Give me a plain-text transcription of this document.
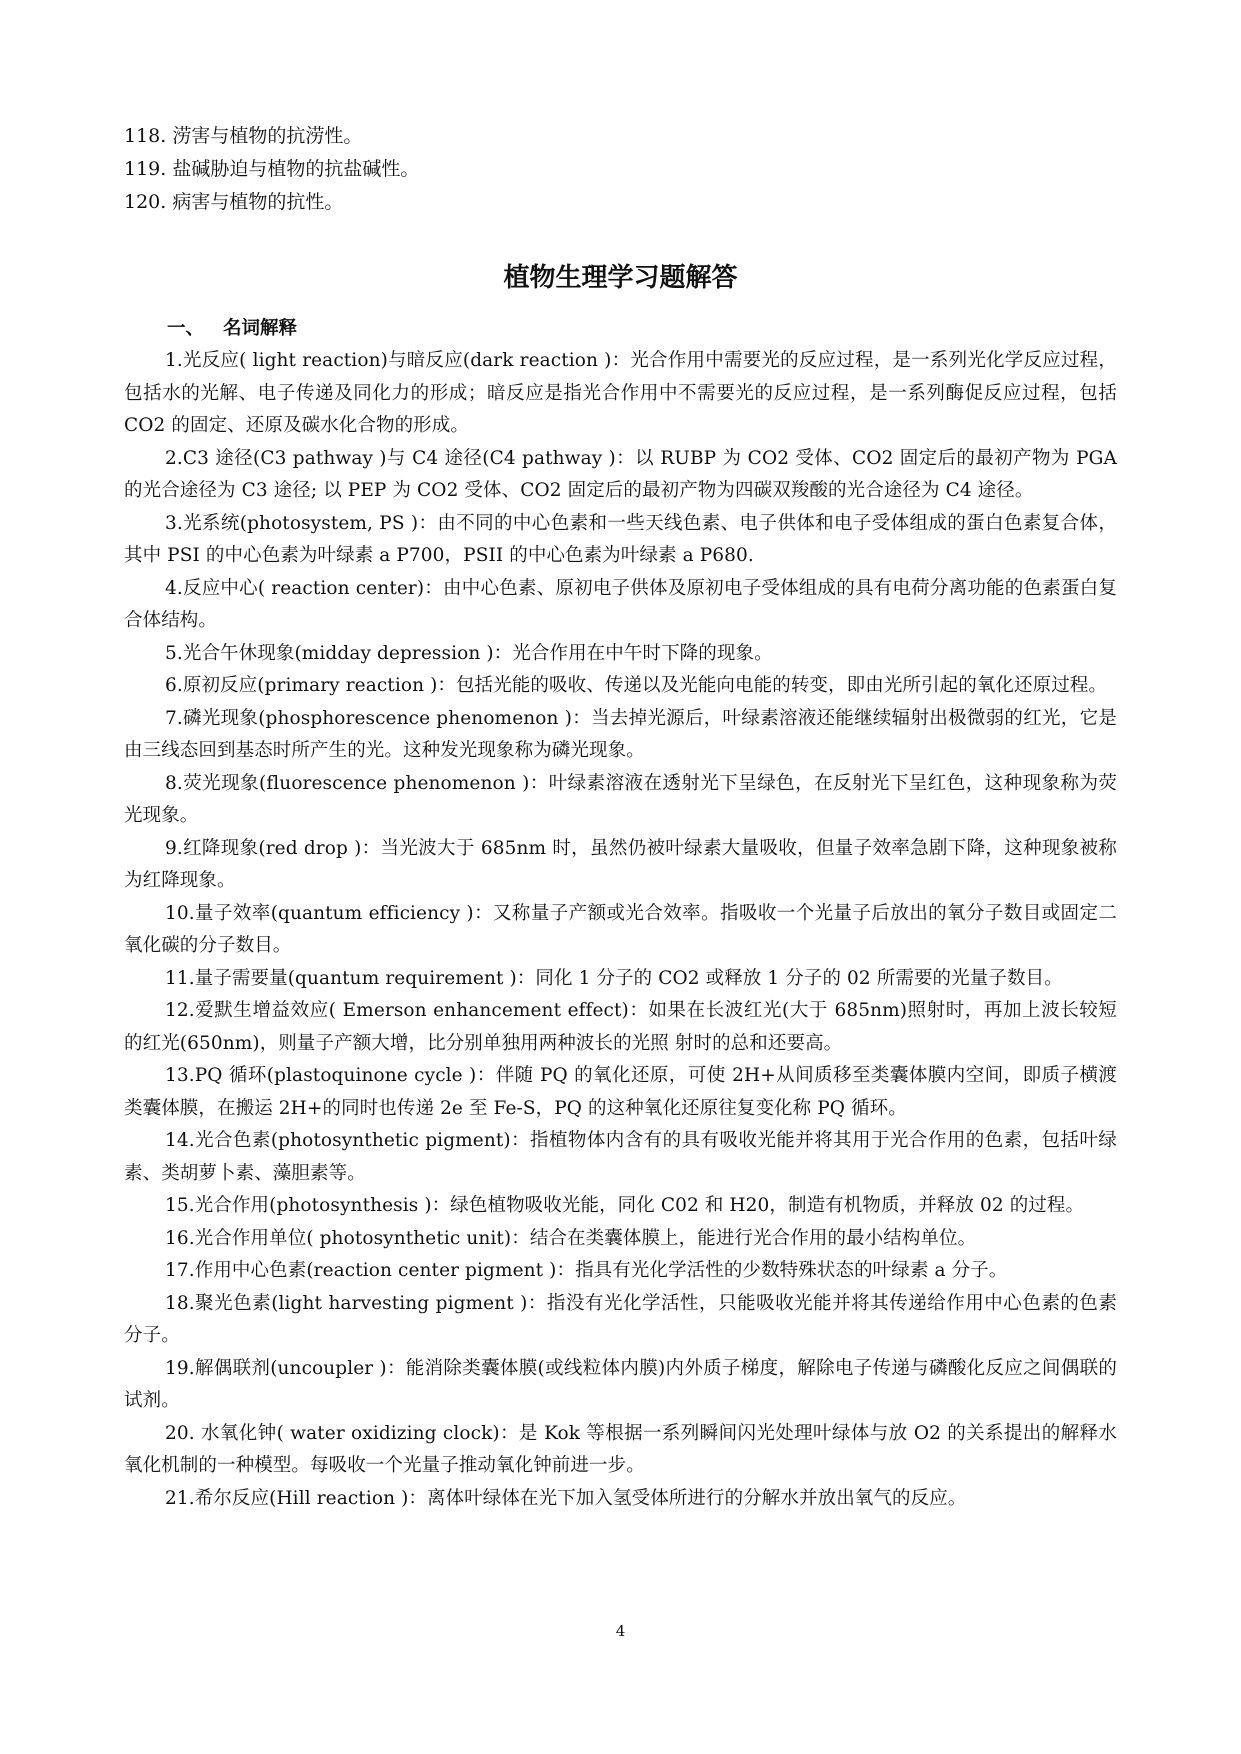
118. 涝害与植物的抗涝性。
119. 盐碱胁迫与植物的抗盐碱性。
120. 病害与植物的抗性。
植物生理学习题解答
一、 名词解释

1.光反应( light reaction)与暗反应(dark reaction )：光合作用中需要光的反应过程，是一系列光化学反应过程，包括水的光解、电子传递及同化力的形成；暗反应是指光合作用中不需要光的反应过程，是一系列酶促反应过程，包括 CO2 的固定、还原及碳水化合物的形成。

2.C3 途径(C3 pathway )与 C4 途径(C4 pathway )：以 RUBP 为 CO2 受体、CO2 固定后的最初产物为 PGA 的光合途径为 C3 途径; 以 PEP 为 CO2 受体、CO2 固定后的最初产物为四碳双羧酸的光合途径为 C4 途径。

3.光系统(photosystem, PS )：由不同的中心色素和一些天线色素、电子供体和电子受体组成的蛋白色素复合体，其中 PSI 的中心色素为叶绿素 a P700，PSII 的中心色素为叶绿素 a P680.

4.反应中心( reaction center)：由中心色素、原初电子供体及原初电子受体组成的具有电荷分离功能的色素蛋白复合体结构。

5.光合午休现象(midday depression )：光合作用在中午时下降的现象。

6.原初反应(primary reaction )：包括光能的吸收、传递以及光能向电能的转变，即由光所引起的氧化还原过程。

7.磷光现象(phosphorescence phenomenon )：当去掉光源后，叶绿素溶液还能继续辐射出极微弱的红光，它是由三线态回到基态时所产生的光。这种发光现象称为磷光现象。

8.荧光现象(fluorescence phenomenon )：叶绿素溶液在透射光下呈绿色，在反射光下呈红色，这种现象称为荧光现象。

9.红降现象(red drop )：当光波大于 685nm 时，虽然仍被叶绿素大量吸收，但量子效率急剧下降，这种现象被称为红降现象。

10.量子效率(quantum efficiency )：又称量子产额或光合效率。指吸收一个光量子后放出的氧分子数目或固定二氧化碳的分子数目。

11.量子需要量(quantum requirement )：同化 1 分子的 CO2 或释放 1 分子的 02 所需要的光量子数目。

12.爱默生增益效应( Emerson enhancement effect)：如果在长波红光(大于 685nm)照射时，再加上波长较短的红光(650nm)，则量子产额大增，比分别单独用两种波长的光照 射时的总和还要高。

13.PQ 循环(plastoquinone cycle )：伴随 PQ 的氧化还原，可使 2H+从间质移至类囊体膜内空间，即质子横渡类囊体膜，在搬运 2H+的同时也传递 2e 至 Fe-S，PQ 的这种氧化还原往复变化称 PQ 循环。

14.光合色素(photosynthetic pigment)：指植物体内含有的具有吸收光能并将其用于光合作用的色素，包括叶绿素、类胡萝卜素、藻胆素等。

15.光合作用(photosynthesis )：绿色植物吸收光能，同化 C02 和 H20，制造有机物质，并释放 02 的过程。

16.光合作用单位( photosynthetic unit)：结合在类囊体膜上，能进行光合作用的最小结构单位。

17.作用中心色素(reaction center pigment )：指具有光化学活性的少数特殊状态的叶绿素 a 分子。

18.聚光色素(light harvesting pigment )：指没有光化学活性，只能吸收光能并将其传递给作用中心色素的色素分子。

19.解偶联剂(uncoupler )：能消除类囊体膜(或线粒体内膜)内外质子梯度，解除电子传递与磷酸化反应之间偶联的试剂。

20. 水氧化钟( water oxidizing clock)：是 Kok 等根据一系列瞬间闪光处理叶绿体与放 O2 的关系提出的解释水氧化机制的一种模型。每吸收一个光量子推动氧化钟前进一步。

21.希尔反应(Hill reaction )：离体叶绿体在光下加入氢受体所进行的分解水并放出氧气的反应。

4
